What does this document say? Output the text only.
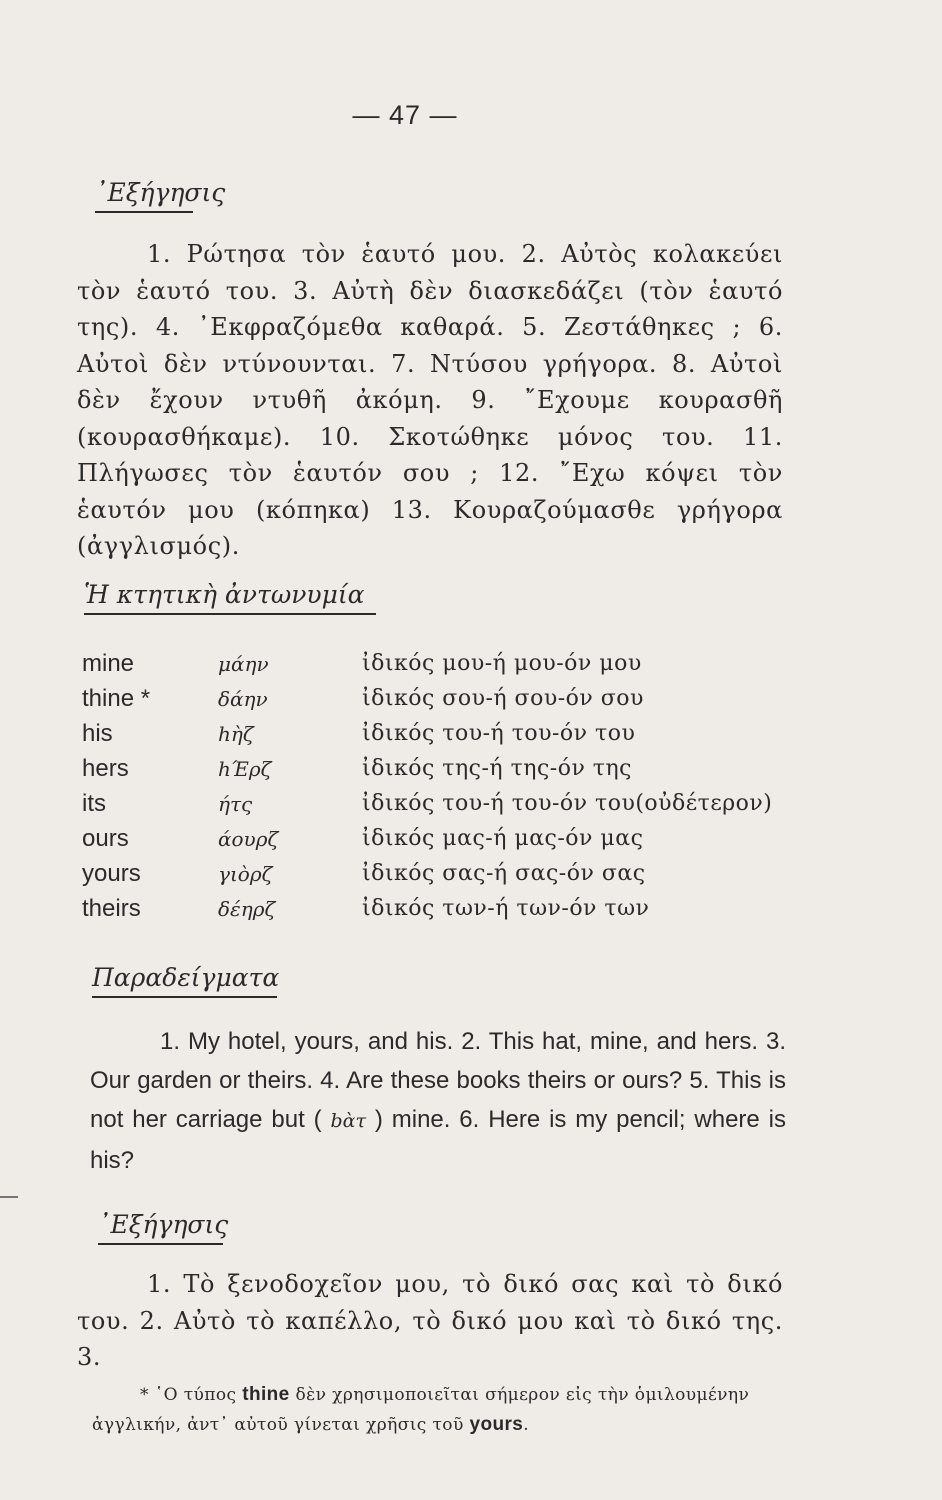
— 47 —
᾿Εξήγησις
1. Ρώτησα τὸν ἑαυτό μου. 2. Αὐτὸς κολακεύει τὸν ἑαυτό του. 3. Αὐτὴ δὲν διασκεδάζει (τὸν ἑαυτό της). 4. ᾿Εκφραζόμεθα καθαρά. 5. Ζεστάθηκες ; 6. Αὐτοὶ δὲν ντύνουνται. 7. Ντύσου γρήγορα. 8. Αὐτοὶ δὲν ἔχουν ντυθῆ ἀκόμη. 9. ῎Εχουμε κουρασθῆ (κουρασθήκαμε). 10. Σκοτώθηκε μόνος του. 11. Πλήγωσες τὸν ἑαυτόν σου ; 12. ῎Εχω κόψει τὸν ἑαυτόν μου (κόπηκα) 13. Κουραζούμασθε γρήγορα (ἀγγλισμός).
Ἡ κτητικὴ ἀντωνυμία
mine	μάην	ἰδικός μου-ή μου-όν μου
thine *	δάην	ἰδικός σου-ή σου-όν σου
his	hὴζ	ἰδικός του-ή του-όν του
hers	hΈρζ	ἰδικός της-ή της-όν της
its	ήτς	ἰδικός του-ή του-όν του(οὐδέτερον)
ours	άουρζ	ἰδικός μας-ή μας-όν μας
yours	γιὸρζ	ἰδικός σας-ή σας-όν σας
theirs	δέηρζ	ἰδικός των-ή των-όν των
Παραδείγματα
1. My hotel, yours, and his. 2. This hat, mine, and hers. 3. Our garden or theirs. 4. Are these books theirs or ours? 5. This is not her carriage but ( bὰτ ) mine. 6. Here is my pencil; where is his?
᾿Εξήγησις
1. Τὸ ξενοδοχεῖον μου, τὸ δικό σας καὶ τὸ δικό του. 2. Αὐτὸ τὸ καπέλλο, τὸ δικό μου καὶ τὸ δικό της. 3.
* ῾Ο τύπος thine δὲν χρησιμοποιεῖται σήμερον εἰς τὴν ὁμιλουμένην ἀγγλικήν, ἀντ᾿ αὐτοῦ γίνεται χρῆσις τοῦ yours.
